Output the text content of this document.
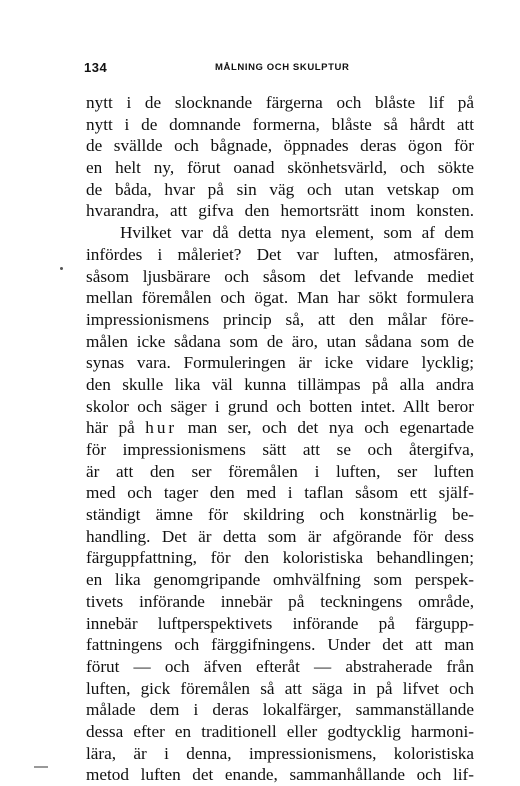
134	MÅLNING OCH SKULPTUR
nytt i de slocknande färgerna och blåste lif på
nytt i de domnande formerna, blåste så hårdt att
de svällde och bågnade, öppnades deras ögon för
en helt ny, förut oanad skönhetsvärld, och sökte
de båda, hvar på sin väg och utan vetskap om
hvarandra, att gifva den hemortsrätt inom konsten.
Hvilket var då detta nya element, som af dem
infördes i måleriet? Det var luften, atmosfären,
såsom ljusbärare och såsom det lefvande mediet
mellan föremålen och ögat. Man har sökt formulera
impressionismens princip så, att den målar före-
målen icke sådana som de äro, utan sådana som de
synas vara. Formuleringen är icke vidare lycklig;
den skulle lika väl kunna tillämpas på alla andra
skolor och säger i grund och botten intet. Allt beror
här på hur man ser, och det nya och egenartade
för impressionismens sätt att se och återgifva,
är att den ser föremålen i luften, ser luften
med och tager den med i taflan såsom ett själf-
ständigt ämne för skildring och konstnärlig be-
handling. Det är detta som är afgörande för dess
färguppfattning, för den koloristiska behandlingen;
en lika genomgripande omhvälfning som perspek-
tivets införande innebär på teckningens område,
innebär luftperspektivets införande på färgupp-
fattningens och färggifningens. Under det att man
förut — och äfven efteråt — abstraherade från
luften, gick föremålen så att säga in på lifvet och
målade dem i deras lokalfärger, sammanställande
dessa efter en traditionell eller godtycklig harmoni-
lära, är i denna, impressionismens, koloristiska
metod luften det enande, sammanhållande och lif-
